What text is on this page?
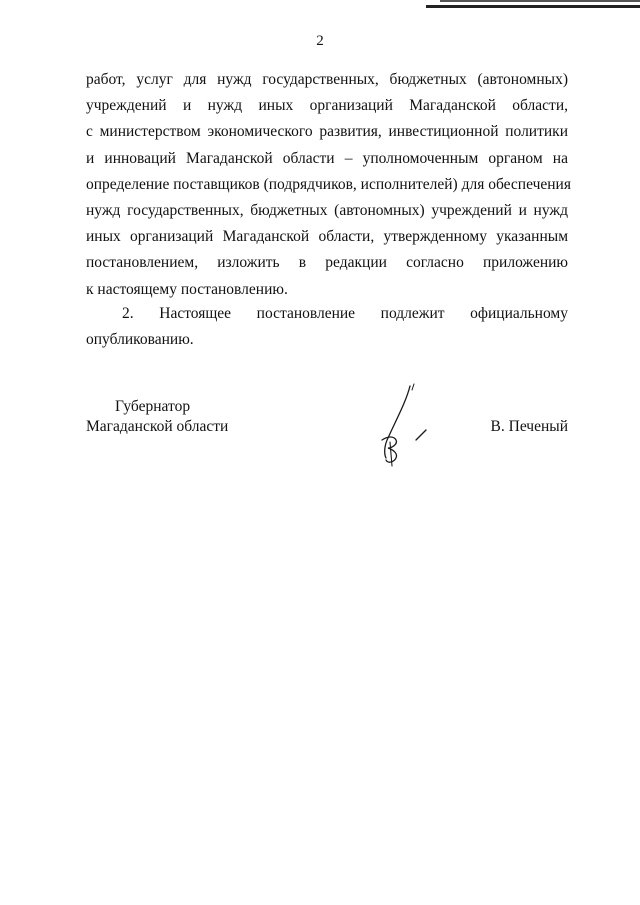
2
работ, услуг для нужд государственных, бюджетных (автономных)
учреждений и нужд иных организаций Магаданской области,
с министерством экономического развития, инвестиционной политики
и инноваций Магаданской области – уполномоченным органом на
определение поставщиков (подрядчиков, исполнителей) для обеспечения
нужд государственных, бюджетных (автономных) учреждений и нужд
иных организаций Магаданской области, утвержденному указанным
постановлением, изложить в редакции согласно приложению
к настоящему постановлению.
2. Настоящее постановление подлежит официальному
опубликованию.
Губернатор
Магаданской области	В. Печеный
